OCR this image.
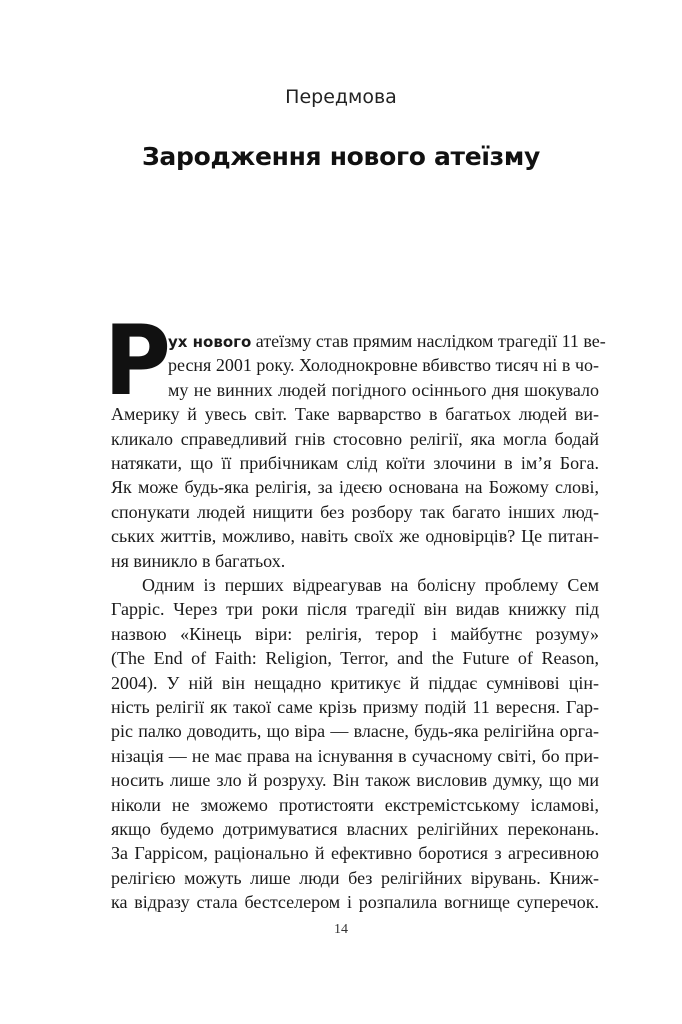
Передмова
Зародження нового атеїзму
Р
ух нового атеїзму став прямим наслідком трагедії 11 ве-
ресня 2001 року. Холоднокровне вбивство тисяч ні в чо-
му не винних людей погідного осіннього дня шокувало
Америку й увесь світ. Таке варварство в багатьох людей ви-
кликало справедливий гнів стосовно релігії, яка могла бодай
натякати, що її прибічникам слід коїти злочини в ім’я Бога.
Як може будь-яка релігія, за ідеєю основана на Божому слові,
спонукати людей нищити без розбору так багато інших люд-
ських життів, можливо, навіть своїх же одновірців? Це питан-
ня виникло в багатьох.
Одним із перших відреагував на болісну проблему Сем
Гарріс. Через три роки після трагедії він видав книжку під
назвою «Кінець віри: релігія, терор і майбутнє розуму»
(The End of Faith: Religion, Terror, and the Future of Reason,
2004). У ній він нещадно критикує й піддає сумнівові цін-
ність релігії як такої саме крізь призму подій 11 вересня. Гар-
ріс палко доводить, що віра — власне, будь-яка релігійна орга-
нізація — не має права на існування в сучасному світі, бо при-
носить лише зло й розруху. Він також висловив думку, що ми
ніколи не зможемо протистояти екстремістському ісламові,
якщо будемо дотримуватися власних релігійних переконань.
За Гаррісом, раціонально й ефективно боротися з агресивною
релігією можуть лише люди без релігійних вірувань. Книж-
ка відразу стала бестселером і розпалила вогнище суперечок.
14
